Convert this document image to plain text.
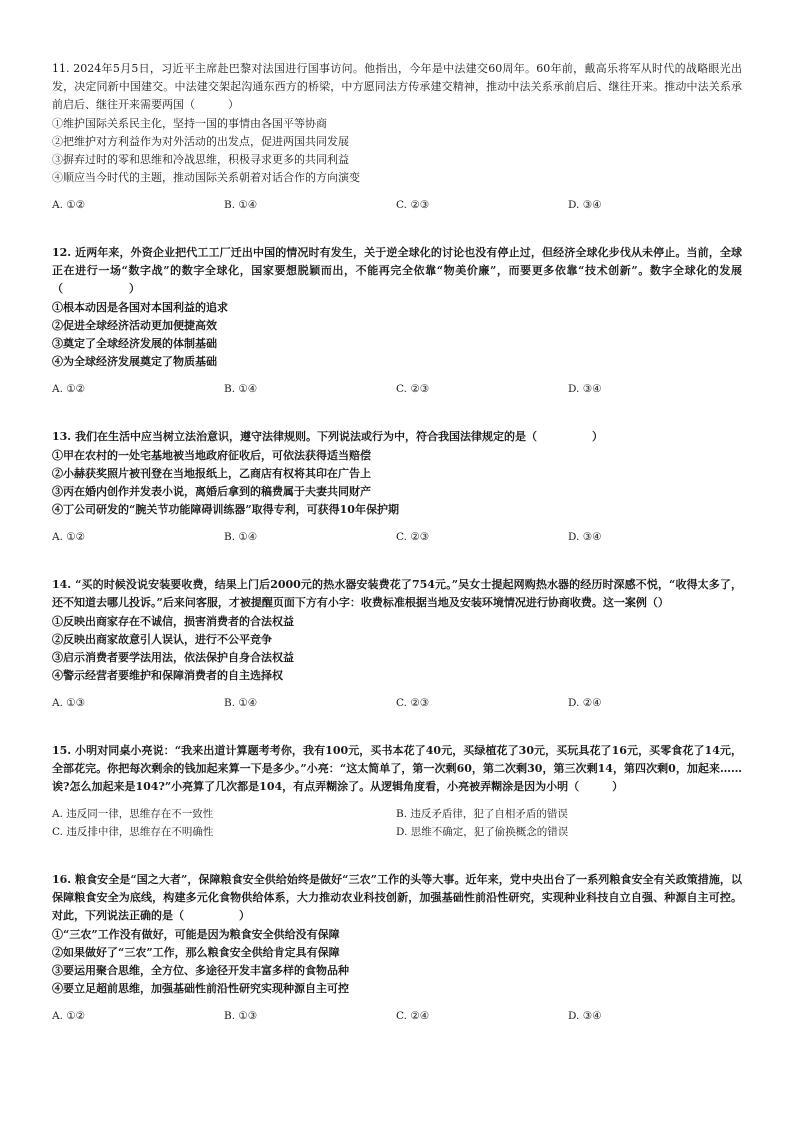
11. 2024年5月5日，习近平主席赴巴黎对法国进行国事访问。他指出，今年是中法建交60周年。60年前，戴高乐将军从时代的战略眼光出发，决定同新中国建交。中法建交架起沟通东西方的桥梁，中方愿同法方传承建交精神，推动中法关系承前启后、继往开来。推动中法关系承前启后、继往开来需要两国（　　　）

①维护国际关系民主化，坚持一国的事情由各国平等协商

②把维护对方利益作为对外活动的出发点，促进两国共同发展

③摒弃过时的零和思维和冷战思维，积极寻求更多的共同利益

④顺应当今时代的主题，推动国际关系朝着对话合作的方向演变

A. ①②	B. ①④	C. ②③	D. ③④

12. 近两年来，外资企业把代工工厂迁出中国的情况时有发生，关于逆全球化的讨论也没有停止过，但经济全球化步伐从未停止。当前，全球正在进行一场“数字战”的数字全球化，国家要想脱颖而出，不能再完全依靠“物美价廉”，而要更多依靠“技术创新”。数字全球化的发展（　　　　　　）

①根本动因是各国对本国利益的追求

②促进全球经济活动更加便捷高效

③奠定了全球经济发展的体制基础

④为全球经济发展奠定了物质基础

A. ①②	B. ①④	C. ②③	D. ③④

13. 我们在生活中应当树立法治意识，遵守法律规则。下列说法或行为中，符合我国法律规定的是（　　　　　）

①甲在农村的一处宅基地被当地政府征收后，可依法获得适当赔偿

②小赫获奖照片被刊登在当地报纸上，乙商店有权将其印在广告上

③丙在婚内创作并发表小说，离婚后拿到的稿费属于夫妻共同财产

④丁公司研发的“腕关节功能障碍训练器”取得专利，可获得10年保护期

A. ①②	B. ①④	C. ②③	D. ③④

14. “买的时候没说安装要收费，结果上门后2000元的热水器安装费花了754元。”吴女士提起网购热水器的经历时深感不悦，“收得太多了，还不知道去哪儿投诉。”后来问客服，才被提醒页面下方有小字：收费标准根据当地及安装环境情况进行协商收费。这一案例（）

①反映出商家存在不诚信，损害消费者的合法权益

②反映出商家故意引人误认，进行不公平竞争

③启示消费者要学法用法，依法保护自身合法权益

④警示经营者要维护和保障消费者的自主选择权

A. ①③	B. ①④	C. ②③	D. ②④

15. 小明对同桌小亮说：“我来出道计算题考考你，我有100元，买书本花了40元，买绿植花了30元，买玩具花了16元，买零食花了14元，全部花完。你把每次剩余的钱加起来算一下是多少。”小亮：“这太简单了，第一次剩60，第二次剩30，第三次剩14，第四次剩0，加起来……诶?怎么加起来是104?”小亮算了几次都是104，有点弄糊涂了。从逻辑角度看，小亮被弄糊涂是因为小明（　　　）

A. 违反同一律，思维存在不一致性	B. 违反矛盾律，犯了自相矛盾的错误
C. 违反排中律，思维存在不明确性	D. 思维不确定，犯了偷换概念的错误

16. 粮食安全是“国之大者”，保障粮食安全供给始终是做好“三农”工作的头等大事。近年来，党中央出台了一系列粮食安全有关政策措施，以保障粮食安全为底线，构建多元化食物供给体系，大力推动农业科技创新，加强基础性前沿性研究，实现种业科技自立自强、种源自主可控。对此，下列说法正确的是（　　　　　）

①“三农”工作没有做好，可能是因为粮食安全供给没有保障

②如果做好了“三农”工作，那么粮食安全供给肯定具有保障

③要运用聚合思维，全方位、多途径开发丰富多样的食物品种

④要立足超前思维，加强基础性前沿性研究实现种源自主可控

A. ①②	B. ①③	C. ②④	D. ③④
